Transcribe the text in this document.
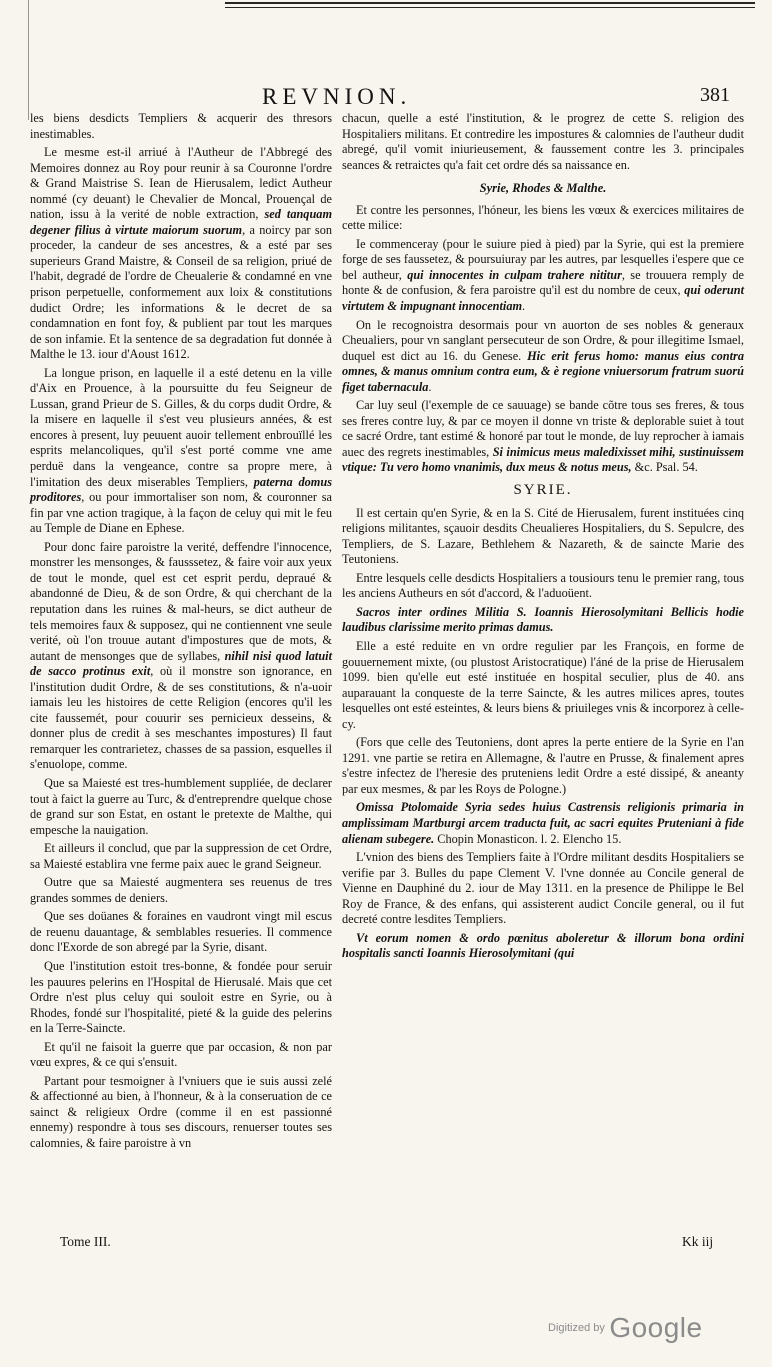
REVNION.	381

les biens desdicts Templiers & acquerir des thresors inestimables.

Le mesme est-il arriué à l'Autheur de l'Abbregé des Memoires donnez au Roy pour reunir à sa Couronne l'ordre & Grand Maistrise S. Iean de Hierusalem, ledict Autheur nommé (cy deuant) le Chevalier de Moncal, Prouençal de nation, issu à la verité de noble extraction, sed tanquam degener filius à virtute maiorum suorum, a noircy par son proceder, la candeur de ses ancestres, & a esté par ses superieurs Grand Maistre, & Conseil de sa religion, priué de l'habit, degradé de l'ordre de Cheualerie & condamné en vne prison perpetuelle, conformement aux loix & constitutions dudict Ordre; les informations & le decret de sa condamnation en font foy, & publient par tout les marques de son infamie. Et la sentence de sa degradation fut donnée à Malthe le 13. iour d'Aoust 1612.

La longue prison, en laquelle il a esté detenu en la ville d'Aix en Prouence, à la poursuitte du feu Seigneur de Lussan, grand Prieur de S. Gilles, & du corps dudit Ordre, & la misere en laquelle il s'est veu plusieurs années, & est encores à present, luy peuuent auoir tellement enbrouïllé les esprits melancoliques, qu'il s'est porté comme vne ame perduë dans la vengeance, contre sa propre mere, à l'imitation des deux miserables Templiers, paterna domus proditores, ou pour immortaliser son nom, & couronner sa fin par vne action tragique, à la façon de celuy qui mit le feu au Temple de Diane en Ephese.

Pour donc faire paroistre la verité, deffendre l'innocence, monstrer les mensonges, & fausssetez, & faire voir aux yeux de tout le monde, quel est cet esprit perdu, depraué & abandonné de Dieu, & de son Ordre, & qui cherchant de la reputation dans les ruines & mal-heurs, se dict autheur de tels memoires faux & supposez, qui ne contiennent vne seule verité, où l'on trouue autant d'impostures que de mots, & autant de mensonges que de syllabes, nihil nisi quod latuit de sacco protinus exit, où il monstre son ignorance, en l'institution dudit Ordre, & de ses constitutions, & n'a-uoir iamais leu les histoires de cette Religion (encores qu'il les cite faussemét, pour couurir ses pernicieux desseins, & donner plus de credit à ses meschantes impostures) Il faut remarquer les contrarietez, chasses de sa passion, esquelles il s'enuolope, comme.

Que sa Maiesté est tres-humblement suppliée, de declarer tout à faict la guerre au Turc, & d'entreprendre quelque chose de grand sur son Estat, en ostant le pretexte de Malthe, qui empesche la nauigation.

Et ailleurs il conclud, que par la suppression de cet Ordre, sa Maiesté establira vne ferme paix auec le grand Seigneur.

Outre que sa Maiesté augmentera ses reuenus de tres grandes sommes de deniers.

Que ses doüanes & foraines en vaudront vingt mil escus de reuenu dauantage, & semblables resueries. Il commence donc l'Exorde de son abregé par la Syrie, disant.

Que l'institution estoit tres-bonne, & fondée pour seruir les pauures pelerins en l'Hospital de Hierusalé. Mais que cet Ordre n'est plus celuy qui souloit estre en Syrie, ou à Rhodes, fondé sur l'hospitalité, pieté & la guide des pelerins en la Terre-Saincte.

Et qu'il ne faisoit la guerre que par occasion, & non par vœu expres, & ce qui s'ensuit.

Partant pour tesmoigner à l'vniuers que ie suis aussi zelé & affectionné au bien, à l'honneur, & à la conseruation de ce sainct & religieux Ordre (comme il en est passionné ennemy) respondre à tous ses discours, renuerser toutes ses calomnies, & faire paroistre à vn

chacun, quelle a esté l'institution, & le progrez de cette S. religion des Hospitaliers militans. Et contredire les impostures & calomnies de l'autheur dudit abregé, qu'il vomit iniurieusement, & faussement contre les 3. principales seances & retraictes qu'a fait cet ordre dés sa naissance en.

Syrie, Rhodes & Malthe.

Et contre les personnes, l'hóneur, les biens les vœux & exercices militaires de cette milice:

Ie commenceray (pour le suiure pied à pied) par la Syrie, qui est la premiere forge de ses faussetez, & poursuiuray par les autres, par lesquelles i'espere que ce bel autheur, qui innocentes in culpam trahere nititur, se trouuera remply de honte & de confusion, & fera paroistre qu'il est du nombre de ceux, qui oderunt virtutem & impugnant innocentiam.

On le recognoistra desormais pour vn auorton de ses nobles & generaux Cheualiers, pour vn sanglant persecuteur de son Ordre, & pour illegitime Ismael, duquel est dict au 16. du Genese. Hic erit ferus homo: manus eius contra omnes, & manus omnium contra eum, & è regione vniuersorum fratrum suorú figet tabernacula.

Car luy seul (l'exemple de ce sauuage) se bande cõtre tous ses freres, & tous ses freres contre luy, & par ce moyen il donne vn triste & deplorable suiet à tout ce sacré Ordre, tant estimé & honoré par tout le monde, de luy reprocher à iamais auec des regrets inestimables, Si inimicus meus maledixisset mihi, sustinuissem vtique: Tu vero homo vnanimis, dux meus & notus meus, &c. Psal. 54.

SYRIE.

Il est certain qu'en Syrie, & en la S. Cité de Hierusalem, furent instituées cinq religions militantes, sçauoir desdits Cheualieres Hospitaliers, du S. Sepulcre, des Templiers, de S. Lazare, Bethlehem & Nazareth, & de saincte Marie des Teutoniens.

Entre lesquels celle desdicts Hospitaliers a tousiours tenu le premier rang, tous les anciens Autheurs en sót d'accord, & l'aduoüent.

Sacros inter ordines Militia S. Ioannis Hierosolymitani Bellicis hodie laudibus clarissime merito primas damus.

Elle a esté reduite en vn ordre regulier par les François, en forme de gouuernement mixte, (ou plustost Aristocratique) l'áné de la prise de Hierusalem 1099. bien qu'elle eut esté instituée en hospital seculier, plus de 40. ans auparauant la conqueste de la terre Saincte, & les autres milices apres, toutes lesquelles ont esté esteintes, & leurs biens & priuileges vnis & incorporez à celle-cy.

(Fors que celle des Teutoniens, dont apres la perte entiere de la Syrie en l'an 1291. vne partie se retira en Allemagne, & l'autre en Prusse, & finalement apres s'estre infectez de l'heresie des pruteniens ledit Ordre a esté dissipé, & aneanty par eux mesmes, & par les Roys de Pologne.)

Omissa Ptolomaide Syria sedes huius Castrensis religionis primaria in amplissimam Martburgi arcem traducta fuit, ac sacri equites Pruteniani à fide alienam subegere. Chopin Monasticon. l. 2. Elencho 15.

L'vnion des biens des Templiers faite à l'Ordre militant desdits Hospitaliers se verifie par 3. Bulles du pape Clement V. l'vne donnée au Concile general de Vienne en Dauphiné du 2. iour de May 1311. en la presence de Philippe le Bel Roy de France, & des enfans, qui assisterent audict Concile general, ou il fut decreté contre lesdites Templiers.

Vt eorum nomen & ordo pœnitus aboleretur & illorum bona ordini hospitalis sancti Ioannis Hierosolymitani (qui

Tome III.	Kk iij
Digitized by Google
